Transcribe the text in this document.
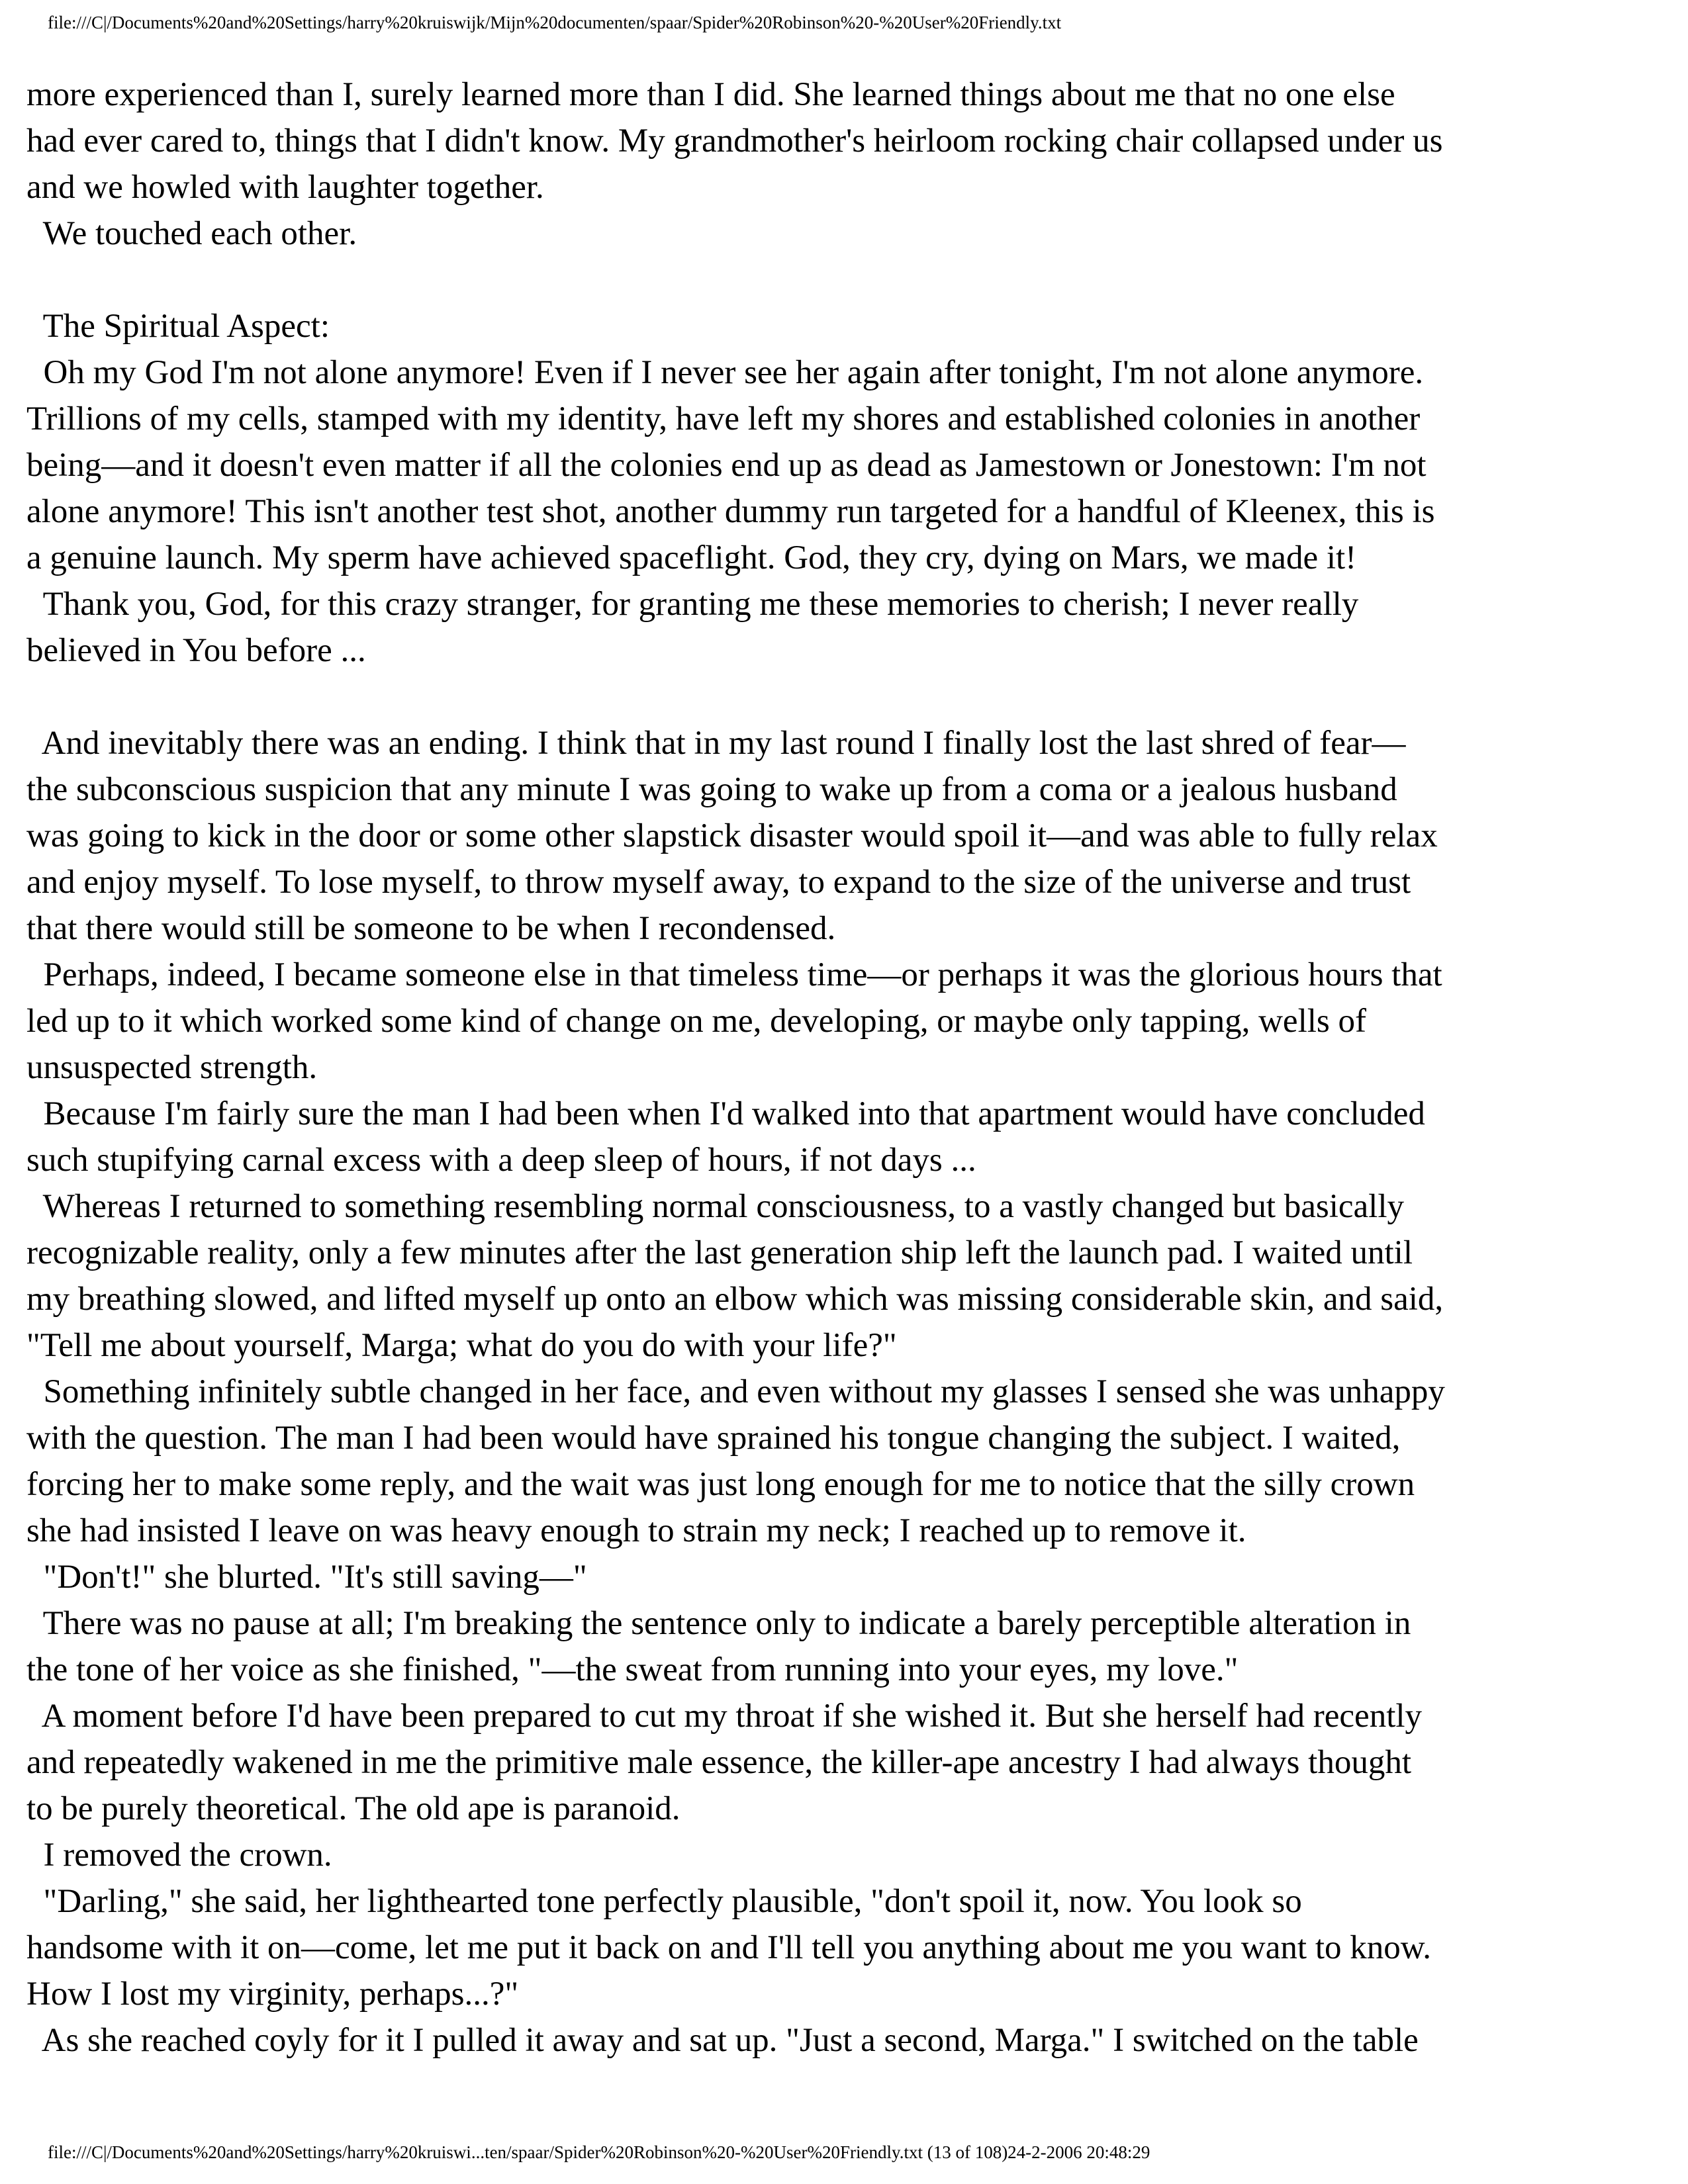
file:///C|/Documents%20and%20Settings/harry%20kruiswijk/Mijn%20documenten/spaar/Spider%20Robinson%20-%20User%20Friendly.txt
more experienced than I, surely learned more than I did. She learned things about me that no one else
had ever cared to, things that I didn't know. My grandmother's heirloom rocking chair collapsed under us
and we howled with laughter together.
We touched each other.
The Spiritual Aspect:
Oh my God I'm not alone anymore! Even if I never see her again after tonight, I'm not alone anymore.
Trillions of my cells, stamped with my identity, have left my shores and established colonies in another
being—and it doesn't even matter if all the colonies end up as dead as Jamestown or Jonestown: I'm not
alone anymore! This isn't another test shot, another dummy run targeted for a handful of Kleenex, this is
a genuine launch. My sperm have achieved spaceflight. God, they cry, dying on Mars, we made it!
Thank you, God, for this crazy stranger, for granting me these memories to cherish; I never really
believed in You before ...
And inevitably there was an ending. I think that in my last round I finally lost the last shred of fear—
the subconscious suspicion that any minute I was going to wake up from a coma or a jealous husband
was going to kick in the door or some other slapstick disaster would spoil it—and was able to fully relax
and enjoy myself. To lose myself, to throw myself away, to expand to the size of the universe and trust
that there would still be someone to be when I recondensed.
Perhaps, indeed, I became someone else in that timeless time—or perhaps it was the glorious hours that
led up to it which worked some kind of change on me, developing, or maybe only tapping, wells of
unsuspected strength.
Because I'm fairly sure the man I had been when I'd walked into that apartment would have concluded
such stupifying carnal excess with a deep sleep of hours, if not days ...
Whereas I returned to something resembling normal consciousness, to a vastly changed but basically
recognizable reality, only a few minutes after the last generation ship left the launch pad. I waited until
my breathing slowed, and lifted myself up onto an elbow which was missing considerable skin, and said,
"Tell me about yourself, Marga; what do you do with your life?"
Something infinitely subtle changed in her face, and even without my glasses I sensed she was unhappy
with the question. The man I had been would have sprained his tongue changing the subject. I waited,
forcing her to make some reply, and the wait was just long enough for me to notice that the silly crown
she had insisted I leave on was heavy enough to strain my neck; I reached up to remove it.
"Don't!" she blurted. "It's still saving—"
There was no pause at all; I'm breaking the sentence only to indicate a barely perceptible alteration in
the tone of her voice as she finished, "—the sweat from running into your eyes, my love."
A moment before I'd have been prepared to cut my throat if she wished it. But she herself had recently
and repeatedly wakened in me the primitive male essence, the killer-ape ancestry I had always thought
to be purely theoretical. The old ape is paranoid.
I removed the crown.
"Darling," she said, her lighthearted tone perfectly plausible, "don't spoil it, now. You look so
handsome with it on—come, let me put it back on and I'll tell you anything about me you want to know.
How I lost my virginity, perhaps...?"
As she reached coyly for it I pulled it away and sat up. "Just a second, Marga." I switched on the table
file:///C|/Documents%20and%20Settings/harry%20kruiswi...ten/spaar/Spider%20Robinson%20-%20User%20Friendly.txt (13 of 108)24-2-2006 20:48:29
